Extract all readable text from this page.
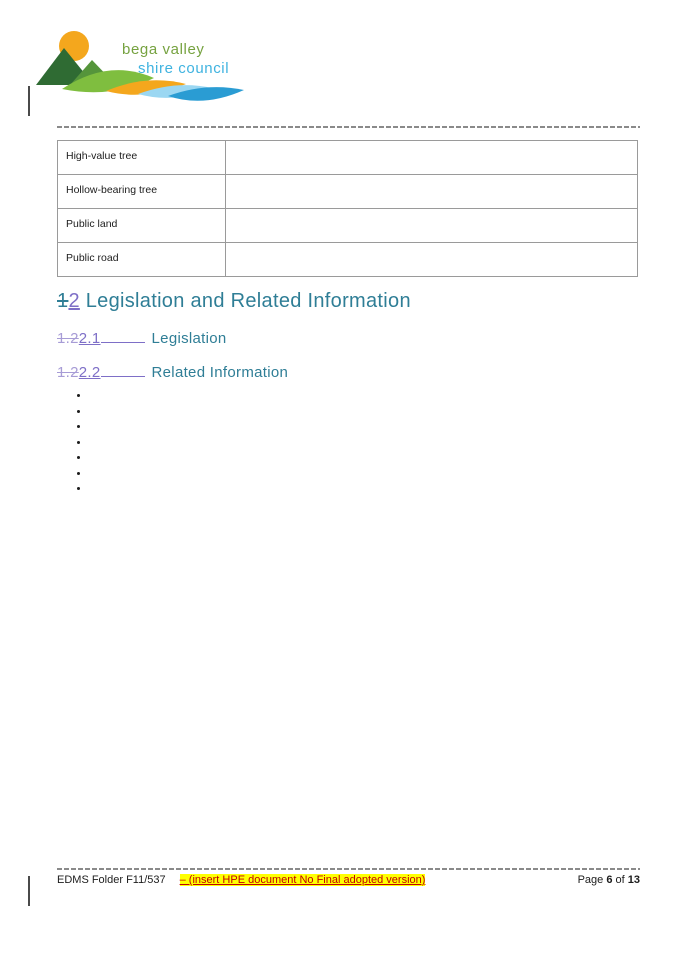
bega valley
shire council
High-value tree	

Hollow-bearing tree	

Public land	

Public road	

12 Legislation and Related Information
1.22.1	Legislation
1.22.2	Related Information
•
•
•
•
•
•
•
EDMS Folder F11/537 – (insert HPE document No Final adopted version)	Page 6 of 13
